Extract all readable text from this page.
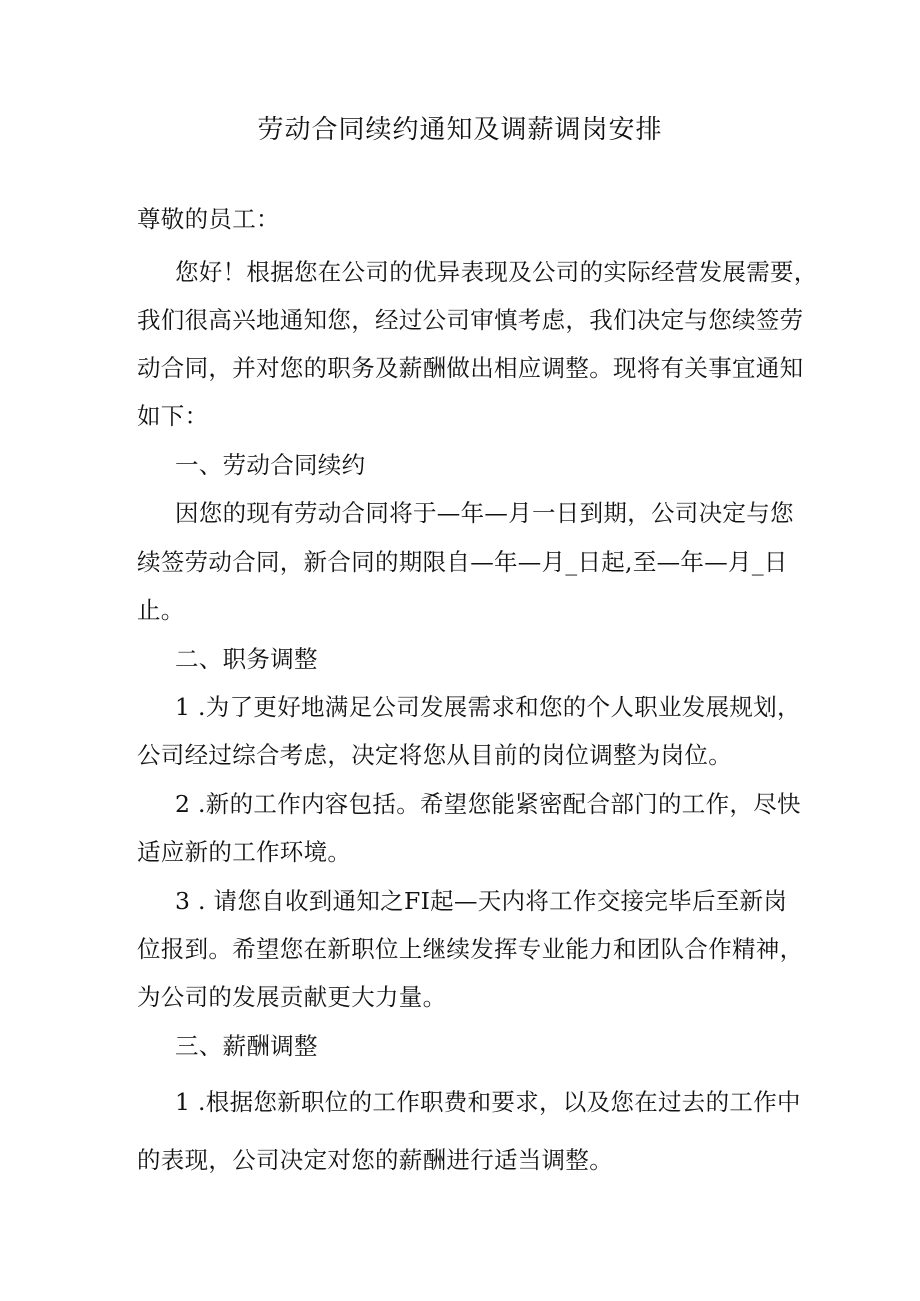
劳动合同续约通知及调薪调岗安排
尊敬的员工：
您好！根据您在公司的优异表现及公司的实际经营发展需要，
我们很高兴地通知您，经过公司审慎考虑，我们决定与您续签劳
动合同，并对您的职务及薪酬做出相应调整。现将有关事宜通知
如下：
一、劳动合同续约
因您的现有劳动合同将于—年—月一日到期，公司决定与您
续签劳动合同，新合同的期限自—年—月_日起,至—年—月_日
止。
二、职务调整
1 .为了更好地满足公司发展需求和您的个人职业发展规划，
公司经过综合考虑，决定将您从目前的岗位调整为岗位。
2 .新的工作内容包括。希望您能紧密配合部门的工作，尽快
适应新的工作环境。
3 . 请您自收到通知之FI起—天内将工作交接完毕后至新岗
位报到。希望您在新职位上继续发挥专业能力和团队合作精神，
为公司的发展贡献更大力量。
三、薪酬调整
1 .根据您新职位的工作职费和要求，以及您在过去的工作中
的表现，公司决定对您的薪酬进行适当调整。
